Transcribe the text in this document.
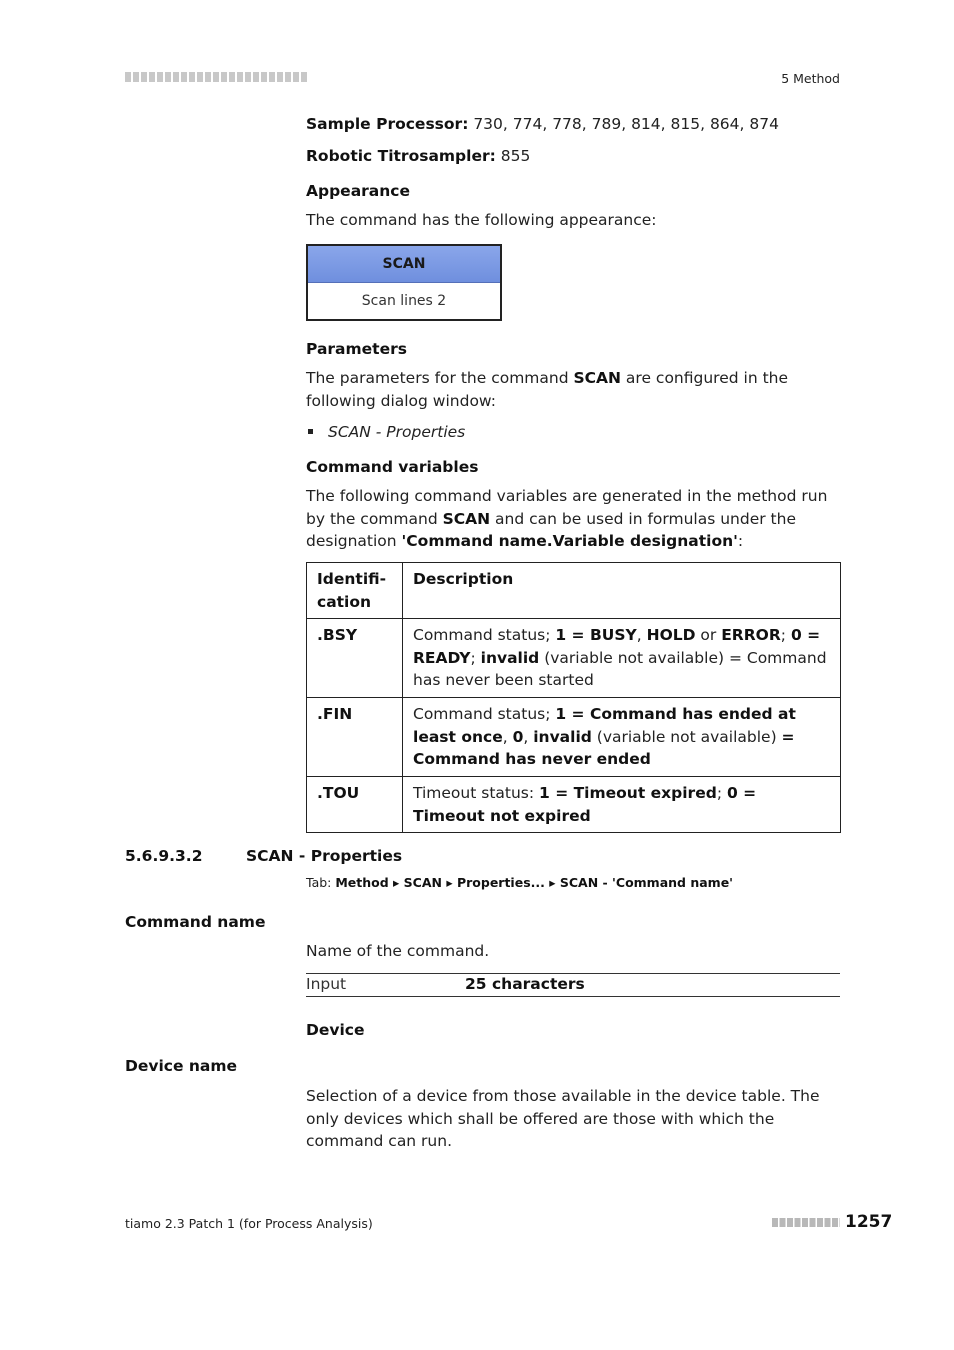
5 Method
Sample Processor: 730, 774, 778, 789, 814, 815, 864, 874
Robotic Titrosampler: 855
Appearance
The command has the following appearance:
SCAN
Scan lines 2
Parameters
The parameters for the command SCAN are configured in the following dialog window:
SCAN - Properties
Command variables
The following command variables are generated in the method run by the command SCAN and can be used in formulas under the designation 'Command name.Variable designation':
Identifi-cation	Description
.BSY	Command status; 1 = BUSY, HOLD or ERROR; 0 = READY; invalid (variable not available) = Command has never been started
.FIN	Command status; 1 = Command has ended at least once, 0, invalid (variable not available) = Command has never ended
.TOU	Timeout status: 1 = Timeout expired; 0 = Timeout not expired
5.6.9.3.2	SCAN - Properties
Tab: Method ▸ SCAN ▸ Properties... ▸ SCAN - 'Command name'
Command name
Name of the command.
Input	25 characters
Device
Device name
Selection of a device from those available in the device table. The only devices which shall be offered are those with which the command can run.
tiamo 2.3 Patch 1 (for Process Analysis)	1257
